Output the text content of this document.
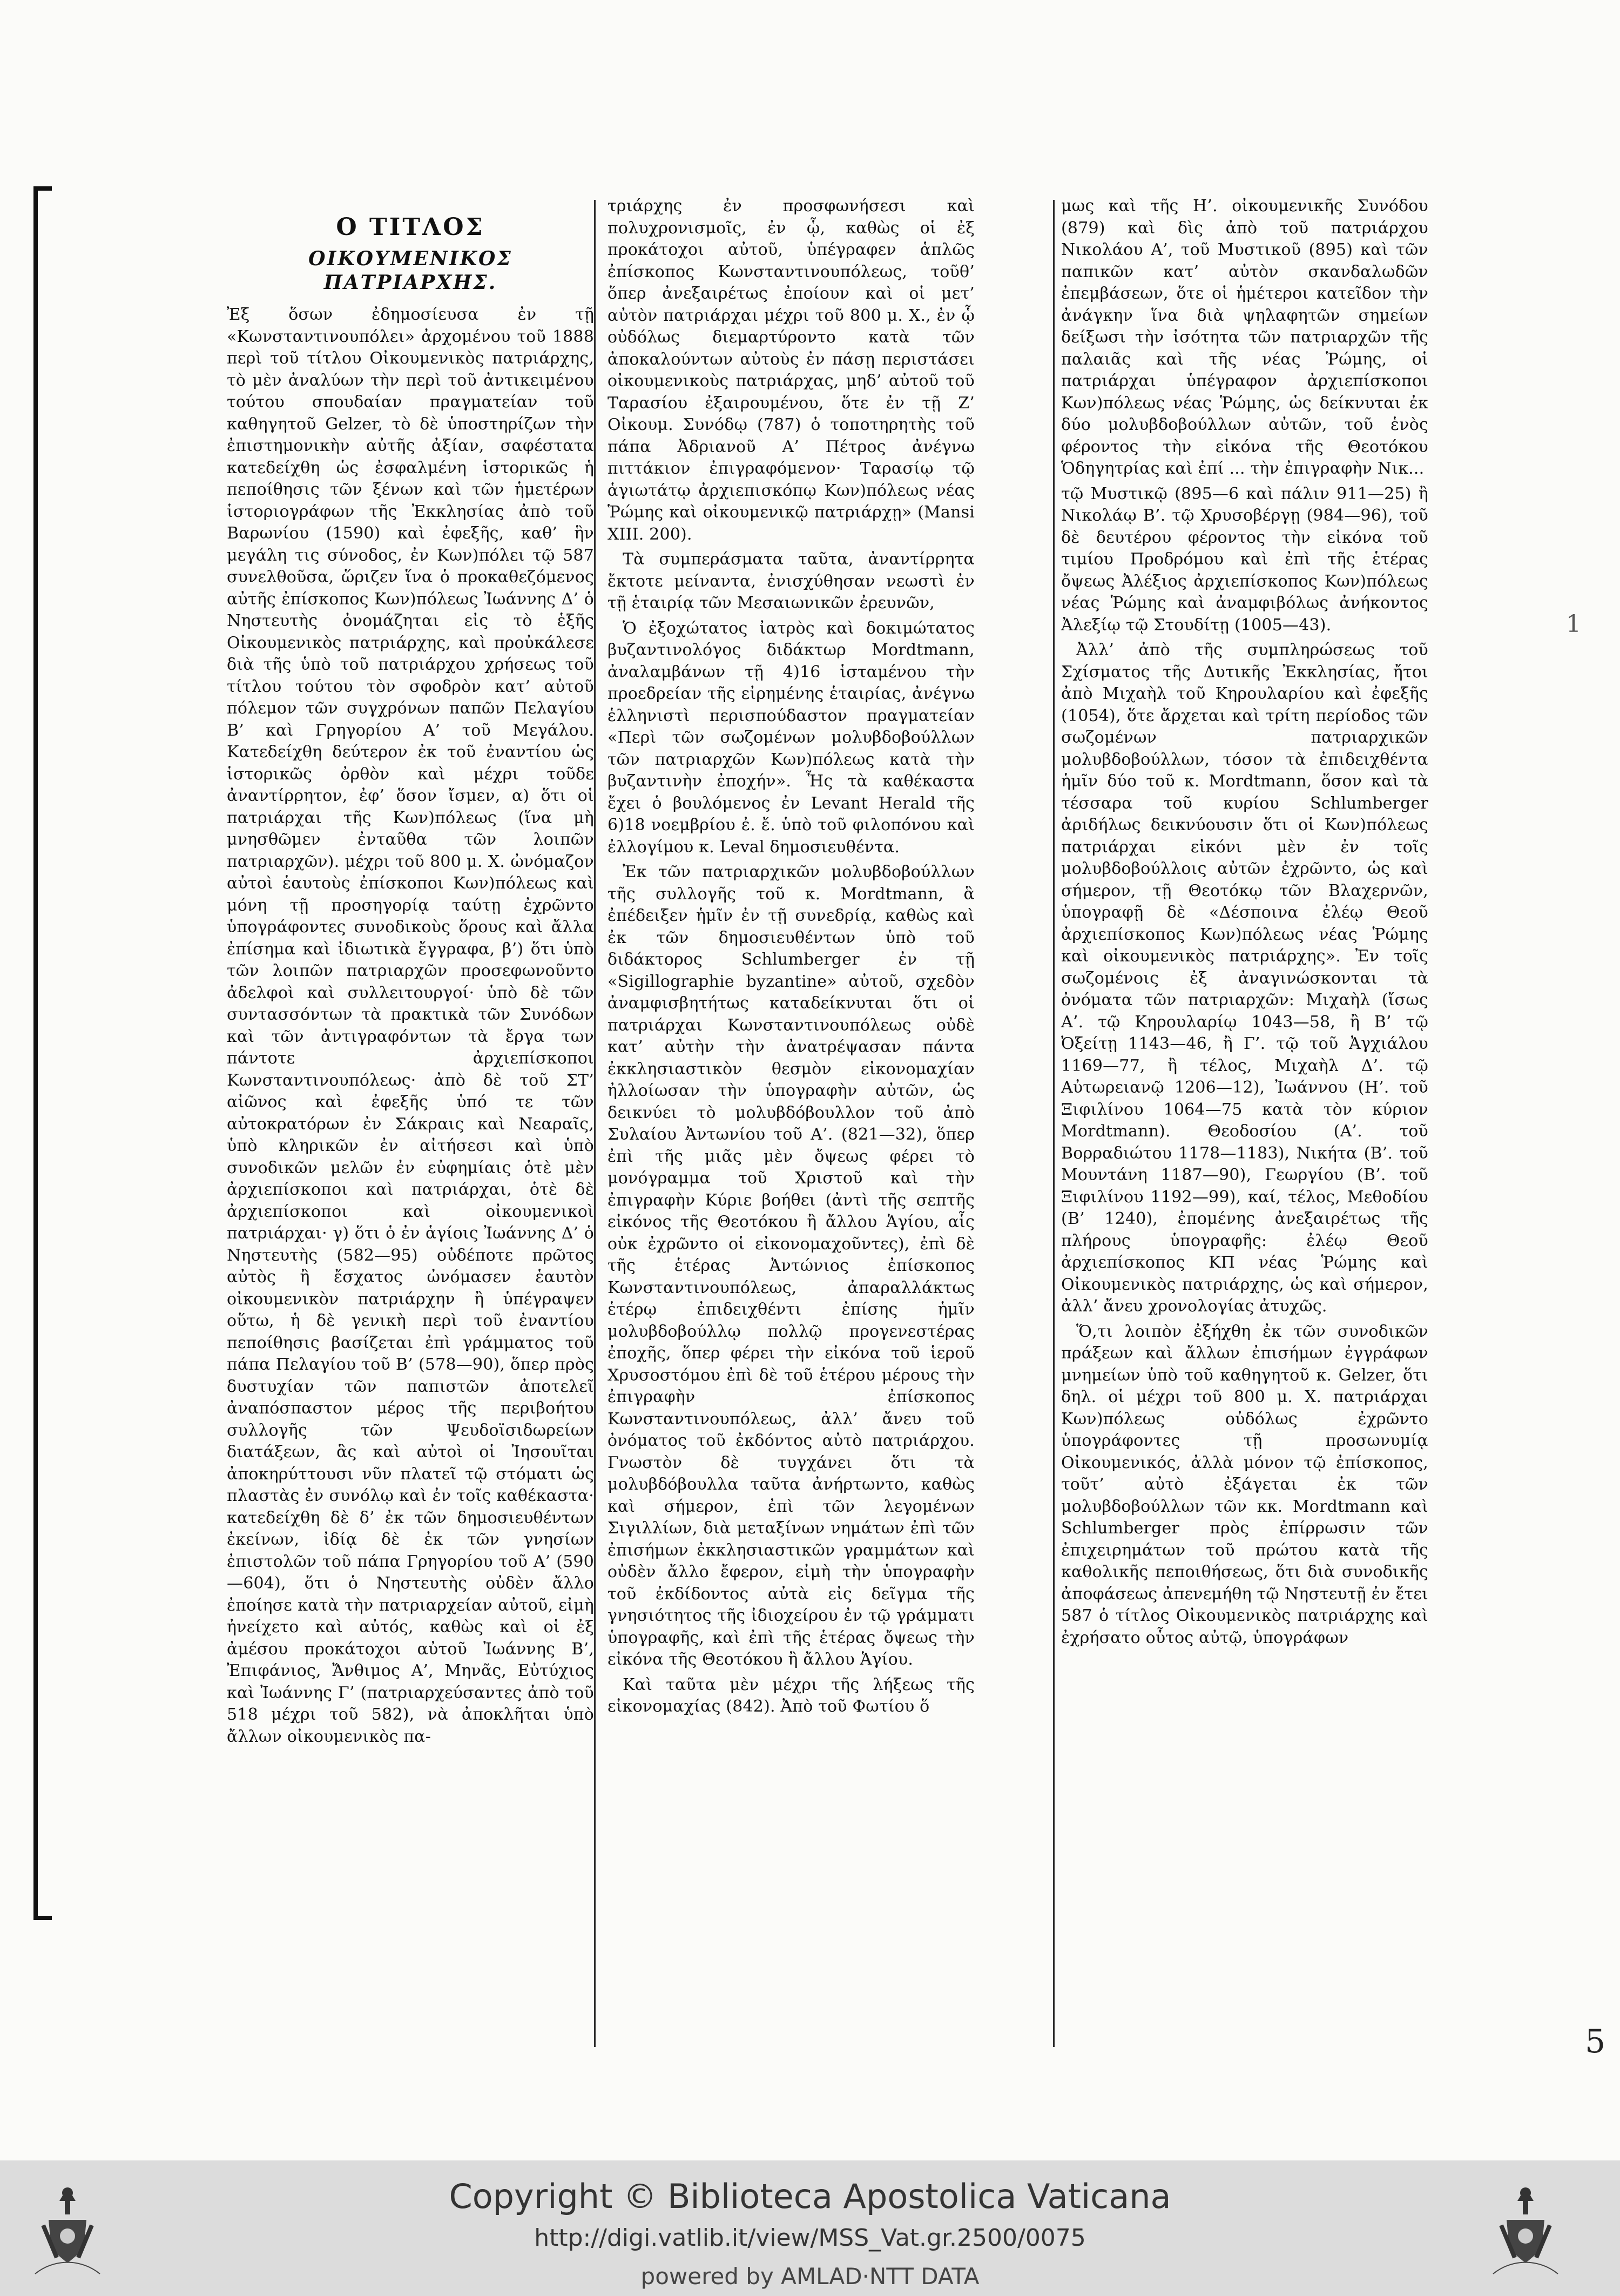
Ο ΤΙΤΛΟΣ
ΟΙΚΟΥΜΕΝΙΚΟΣ ΠΑΤΡΙΑΡΧΗΣ.

Ἐξ ὅσων ἐδημοσίευσα ἐν τῇ «Κωνσταντινουπόλει» ἀρχομένου τοῦ 1888 περὶ τοῦ τίτλου Οἰκουμενικὸς πατριάρχης, τὸ μὲν ἀναλύων τὴν περὶ τοῦ ἀντικειμένου τούτου σπουδαίαν πραγματείαν τοῦ καθηγητοῦ Gelzer, τὸ δὲ ὑποστηρίζων τὴν ἐπιστημονικὴν αὐτῆς ἀξίαν, σαφέστατα κατεδείχθη ὡς ἐσφαλμένη ἱστορικῶς ἡ πεποίθησις τῶν ξένων καὶ τῶν ἡμετέρων ἱστοριογράφων τῆς Ἐκκλησίας ἀπὸ τοῦ Βαρωνίου (1590) καὶ ἐφεξῆς, καθ’ ἣν μεγάλη τις σύνοδος, ἐν Κων)πόλει τῷ 587 συνελθοῦσα, ὥριζεν ἵνα ὁ προκαθεζόμενος αὐτῆς ἐπίσκοπος Κων)πόλεως Ἰωάννης Δ’ ὁ Νηστευτὴς ὀνομάζηται εἰς τὸ ἑξῆς Οἰκουμενικὸς πατριάρχης, καὶ προὐκάλεσε διὰ τῆς ὑπὸ τοῦ πατριάρχου χρήσεως τοῦ τίτλου τούτου τὸν σφοδρὸν κατ’ αὐτοῦ πόλεμον τῶν συγχρόνων παπῶν Πελαγίου Β’ καὶ Γρηγορίου Α’ τοῦ Μεγάλου. Κατεδείχθη δεύτερον ἐκ τοῦ ἐναντίου ὡς ἱστορικῶς ὀρθὸν καὶ μέχρι τοῦδε ἀναντίρρητον, ἐφ’ ὅσον ἴσμεν, α) ὅτι οἱ πατριάρχαι τῆς Κων)πόλεως (ἵνα μὴ μνησθῶμεν ἐνταῦθα τῶν λοιπῶν πατριαρχῶν). μέχρι τοῦ 800 μ. Χ. ὠνόμαζον αὐτοὶ ἑαυτοὺς ἐπίσκοποι Κων)πόλεως καὶ μόνη τῇ προσηγορίᾳ ταύτῃ ἐχρῶντο ὑπογράφοντες συνοδικοὺς ὅρους καὶ ἄλλα ἐπίσημα καὶ ἰδιωτικὰ ἔγγραφα, β’) ὅτι ὑπὸ τῶν λοιπῶν πατριαρχῶν προσεφωνοῦντο ἀδελφοὶ καὶ συλλειτουργοί· ὑπὸ δὲ τῶν συντασσόντων τὰ πρακτικὰ τῶν Συνόδων καὶ τῶν ἀντιγραφόντων τὰ ἔργα των πάντοτε ἀρχιεπίσκοποι Κωνσταντινουπόλεως· ἀπὸ δὲ τοῦ ΣΤ’ αἰῶνος καὶ ἐφεξῆς ὑπό τε τῶν αὐτοκρατόρων ἐν Σάκραις καὶ Νεαραῖς, ὑπὸ κληρικῶν ἐν αἰτήσεσι καὶ ὑπὸ συνοδικῶν μελῶν ἐν εὐφημίαις ὁτὲ μὲν ἀρχιεπίσκοποι καὶ πατριάρχαι, ὁτὲ δὲ ἀρχιεπίσκοποι καὶ οἰκουμενικοὶ πατριάρχαι· γ) ὅτι ὁ ἐν ἁγίοις Ἰωάννης Δ’ ὁ Νηστευτὴς (582—95) οὐδέποτε πρῶτος αὐτὸς ἢ ἔσχατος ὠνόμασεν ἑαυτὸν οἰκουμενικὸν πατριάρχην ἢ ὑπέγραψεν οὕτω, ἡ δὲ γενικὴ περὶ τοῦ ἐναντίου πεποίθησις βασίζεται ἐπὶ γράμματος τοῦ πάπα Πελαγίου τοῦ Β’ (578—90), ὅπερ πρὸς δυστυχίαν τῶν παπιστῶν ἀποτελεῖ ἀναπόσπαστον μέρος τῆς περιβοήτου συλλογῆς τῶν Ψευδοϊσιδωρείων διατάξεων, ἃς καὶ αὐτοὶ οἱ Ἰησουῖται ἀποκηρύττουσι νῦν πλατεῖ τῷ στόματι ὡς πλαστὰς ἐν συνόλῳ καὶ ἐν τοῖς καθέκαστα· κατεδείχθη δὲ δ’ ἐκ τῶν δημοσιευθέντων ἐκείνων, ἰδίᾳ δὲ ἐκ τῶν γνησίων ἐπιστολῶν τοῦ πάπα Γρηγορίου τοῦ Α’ (590—604), ὅτι ὁ Νηστευτὴς οὐδὲν ἄλλο ἐποίησε κατὰ τὴν πατριαρχείαν αὐτοῦ, εἰμὴ ἠνείχετο καὶ αὐτός, καθὼς καὶ οἱ ἐξ ἀμέσου προκάτοχοι αὐτοῦ Ἰωάννης Β’, Ἐπιφάνιος, Ἄνθιμος Α’, Μηνᾶς, Εὐτύχιος καὶ Ἰωάννης Γ’ (πατριαρχεύσαντες ἀπὸ τοῦ 518 μέχρι τοῦ 582), νὰ ἀποκλῆται ὑπὸ ἄλλων οἰκουμενικὸς πα-

τριάρχης ἐν προσφωνήσεσι καὶ πολυχρονισμοῖς, ἐν ᾧ, καθὼς οἱ ἐξ προκάτοχοι αὐτοῦ, ὑπέγραφεν ἁπλῶς ἐπίσκοπος Κωνσταντινουπόλεως, τοῦθ’ ὅπερ ἀνεξαιρέτως ἐποίουν καὶ οἱ μετ’ αὐτὸν πατριάρχαι μέχρι τοῦ 800 μ. Χ., ἐν ᾧ οὐδόλως διεμαρτύροντο κατὰ τῶν ἀποκαλούντων αὐτοὺς ἐν πάσῃ περιστάσει οἰκουμενικοὺς πατριάρχας, μηδ’ αὐτοῦ τοῦ Ταρασίου ἐξαιρουμένου, ὅτε ἐν τῇ Ζ’ Οἰκουμ. Συνόδῳ (787) ὁ τοποτηρητὴς τοῦ πάπα Ἀδριανοῦ Α’ Πέτρος ἀνέγνω πιττάκιον ἐπιγραφόμενον· Ταρασίῳ τῷ ἁγιωτάτῳ ἀρχιεπισκόπῳ Κων)πόλεως νέας Ῥώμης καὶ οἰκουμενικῷ πατριάρχῃ» (Mansi XIII. 200).

Τὰ συμπεράσματα ταῦτα, ἀναντίρρητα ἔκτοτε μείναντα, ἐνισχύθησαν νεωστὶ ἐν τῇ ἑταιρίᾳ τῶν Μεσαιωνικῶν ἐρευνῶν,

Ὁ ἐξοχώτατος ἰατρὸς καὶ δοκιμώτατος βυζαντινολόγος διδάκτωρ Mordtmann, ἀναλαμβάνων τῇ 4)16 ἱσταμένου τὴν προεδρείαν τῆς εἰρημένης ἑταιρίας, ἀνέγνω ἑλληνιστὶ περισπούδαστον πραγματείαν «Περὶ τῶν σωζομένων μολυβδοβούλλων τῶν πατριαρχῶν Κων)πόλεως κατὰ τὴν βυζαντινὴν ἐποχήν». Ἧς τὰ καθέκαστα ἔχει ὁ βουλόμενος ἐν Levant Herald τῆς 6)18 νοεμβρίου ἐ. ἔ. ὑπὸ τοῦ φιλοπόνου καὶ ἐλλογίμου κ. Leval δημοσιευθέντα.

Ἐκ τῶν πατριαρχικῶν μολυβδοβούλλων τῆς συλλογῆς τοῦ κ. Mordtmann, ἃ ἐπέδειξεν ἡμῖν ἐν τῇ συνεδρίᾳ, καθὼς καὶ ἐκ τῶν δημοσιευθέντων ὑπὸ τοῦ διδάκτορος Schlumberger ἐν τῇ «Sigillographie byzantine» αὐτοῦ, σχεδὸν ἀναμφισβητήτως καταδείκνυται ὅτι οἱ πατριάρχαι Κωνσταντινουπόλεως οὐδὲ κατ’ αὐτὴν τὴν ἀνατρέψασαν πάντα ἐκκλησιαστικὸν θεσμὸν εἰκονομαχίαν ἠλλοίωσαν τὴν ὑπογραφὴν αὐτῶν, ὡς δεικνύει τὸ μολυβδόβουλλον τοῦ ἀπὸ Συλαίου Ἀντωνίου τοῦ Α’. (821—32), ὅπερ ἐπὶ τῆς μιᾶς μὲν ὄψεως φέρει τὸ μονόγραμμα τοῦ Χριστοῦ καὶ τὴν ἐπιγραφὴν Κύριε βοήθει (ἀντὶ τῆς σεπτῆς εἰκόνος τῆς Θεοτόκου ἢ ἄλλου Ἁγίου, αἷς οὐκ ἐχρῶντο οἱ εἰκονομαχοῦντες), ἐπὶ δὲ τῆς ἑτέρας Ἀντώνιος ἐπίσκοπος Κωνσταντινουπόλεως, ἀπαραλλάκτως ἑτέρῳ ἐπιδειχθέντι ἐπίσης ἡμῖν μολυβδοβούλλῳ πολλῷ προγενεστέρας ἐποχῆς, ὅπερ φέρει τὴν εἰκόνα τοῦ ἱεροῦ Χρυσοστόμου ἐπὶ δὲ τοῦ ἑτέρου μέρους τὴν ἐπιγραφὴν ἐπίσκοπος Κωνσταντινουπόλεως, ἀλλ’ ἄνευ τοῦ ὀνόματος τοῦ ἐκδόντος αὐτὸ πατριάρχου. Γνωστὸν δὲ τυγχάνει ὅτι τὰ μολυβδόβουλλα ταῦτα ἀνήρτωντο, καθὼς καὶ σήμερον, ἐπὶ τῶν λεγομένων Σιγιλλίων, διὰ μεταξίνων νημάτων ἐπὶ τῶν ἐπισήμων ἐκκλησιαστικῶν γραμμάτων καὶ οὐδὲν ἄλλο ἔφερον, εἰμὴ τὴν ὑπογραφὴν τοῦ ἐκδίδοντος αὐτὰ εἰς δεῖγμα τῆς γνησιότητος τῆς ἰδιοχείρου ἐν τῷ γράμματι ὑπογραφῆς, καὶ ἐπὶ τῆς ἑτέρας ὄψεως τὴν εἰκόνα τῆς Θεοτόκου ἢ ἄλλου Ἁγίου.

Καὶ ταῦτα μὲν μέχρι τῆς λήξεως τῆς εἰκονομαχίας (842). Ἀπὸ τοῦ Φωτίου ὅ

μως καὶ τῆς Η’. οἰκουμενικῆς Συνόδου (879) καὶ δὶς ἀπὸ τοῦ πατριάρχου Νικολάου Α’, τοῦ Μυστικοῦ (895) καὶ τῶν παπικῶν κατ’ αὐτὸν σκανδαλωδῶν ἐπεμβάσεων, ὅτε οἱ ἡμέτεροι κατεῖδον τὴν ἀνάγκην ἵνα διὰ ψηλαφητῶν σημείων δείξωσι τὴν ἰσότητα τῶν πατριαρχῶν τῆς παλαιᾶς καὶ τῆς νέας Ῥώμης, οἱ πατριάρχαι ὑπέγραφον ἀρχιεπίσκοποι Κων)πόλεως νέας Ῥώμης, ὡς δείκνυται ἐκ δύο μολυβδοβούλλων αὐτῶν, τοῦ ἑνὸς φέροντος τὴν εἰκόνα τῆς Θεοτόκου Ὁδηγητρίας καὶ ἐπί ... τὴν ἐπιγραφὴν Νικ...

τῷ Μυστικῷ (895—6 καὶ πάλιν 911—25) ἢ Νικολάῳ Β’. τῷ Χρυσοβέργῃ (984—96), τοῦ δὲ δευτέρου φέροντος τὴν εἰκόνα τοῦ τιμίου Προδρόμου καὶ ἐπὶ τῆς ἑτέρας ὄψεως Ἀλέξιος ἀρχιεπίσκοπος Κων)πόλεως νέας Ῥώμης καὶ ἀναμφιβόλως ἀνήκοντος Ἀλεξίῳ τῷ Στουδίτῃ (1005—43).

Ἀλλ’ ἀπὸ τῆς συμπληρώσεως τοῦ Σχίσματος τῆς Δυτικῆς Ἐκκλησίας, ἤτοι ἀπὸ Μιχαὴλ τοῦ Κηρουλαρίου καὶ ἐφεξῆς (1054), ὅτε ἄρχεται καὶ τρίτη περίοδος τῶν σωζομένων πατριαρχικῶν μολυβδοβούλλων, τόσον τὰ ἐπιδειχθέντα ἡμῖν δύο τοῦ κ. Mordtmann, ὅσον καὶ τὰ τέσσαρα τοῦ κυρίου Schlumberger ἀριδήλως δεικνύουσιν ὅτι οἱ Κων)πόλεως πατριάρχαι εἰκόνι μὲν ἐν τοῖς μολυβδοβούλλοις αὐτῶν ἐχρῶντο, ὡς καὶ σήμερον, τῇ Θεοτόκῳ τῶν Βλαχερνῶν, ὑπογραφῇ δὲ «Δέσποινα ἐλέῳ Θεοῦ ἀρχιεπίσκοπος Κων)πόλεως νέας Ῥώμης καὶ οἰκουμενικὸς πατριάρχης». Ἐν τοῖς σωζομένοις ἐξ ἀναγινώσκονται τὰ ὀνόματα τῶν πατριαρχῶν: Μιχαὴλ (ἴσως Α’. τῷ Κηρουλαρίῳ 1043—58, ἢ Β’ τῷ Ὀξείτῃ 1143—46, ἢ Γ’. τῷ τοῦ Ἀγχιάλου 1169—77, ἢ τέλος, Μιχαὴλ Δ’. τῷ Αὐτωρειανῷ 1206—12), Ἰωάννου (Η’. τοῦ Ξιφιλίνου 1064—75 κατὰ τὸν κύριον Mordtmann). Θεοδοσίου (Α’. τοῦ Βορραδιώτου 1178—1183), Νικήτα (Β’. τοῦ Μουντάνη 1187—90), Γεωργίου (Β’. τοῦ Ξιφιλίνου 1192—99), καί, τέλος, Μεθοδίου (Β’ 1240), ἐπομένης ἀνεξαιρέτως τῆς πλήρους ὑπογραφῆς: ἐλέῳ Θεοῦ ἀρχιεπίσκοπος ΚΠ νέας Ῥώμης καὶ Οἰκουμενικὸς πατριάρχης, ὡς καὶ σήμερον, ἀλλ’ ἄνευ χρονολογίας ἀτυχῶς.

Ὅ,τι λοιπὸν ἐξήχθη ἐκ τῶν συνοδικῶν πράξεων καὶ ἄλλων ἐπισήμων ἐγγράφων μνημείων ὑπὸ τοῦ καθηγητοῦ κ. Gelzer, ὅτι δηλ. οἱ μέχρι τοῦ 800 μ. Χ. πατριάρχαι Κων)πόλεως οὐδόλως ἐχρῶντο ὑπογράφοντες τῇ προσωνυμίᾳ Οἰκουμενικός, ἀλλὰ μόνον τῷ ἐπίσκοπος, τοῦτ’ αὐτὸ ἐξάγεται ἐκ τῶν μολυβδοβούλλων τῶν κκ. Mordtmann καὶ Schlumberger πρὸς ἐπίρρωσιν τῶν ἐπιχειρημάτων τοῦ πρώτου κατὰ τῆς καθολικῆς πεποιθήσεως, ὅτι διὰ συνοδικῆς ἀποφάσεως ἀπενεμήθη τῷ Νηστευτῇ ἐν ἔτει 587 ὁ τίτλος Οἰκουμενικὸς πατριάρχης καὶ ἐχρήσατο οὗτος αὐτῷ, ὑπογράφων

1
5
Copyright © Biblioteca Apostolica Vaticana
http://digi.vatlib.it/view/MSS_Vat.gr.2500/0075
powered by AMLAD·NTT DATA
